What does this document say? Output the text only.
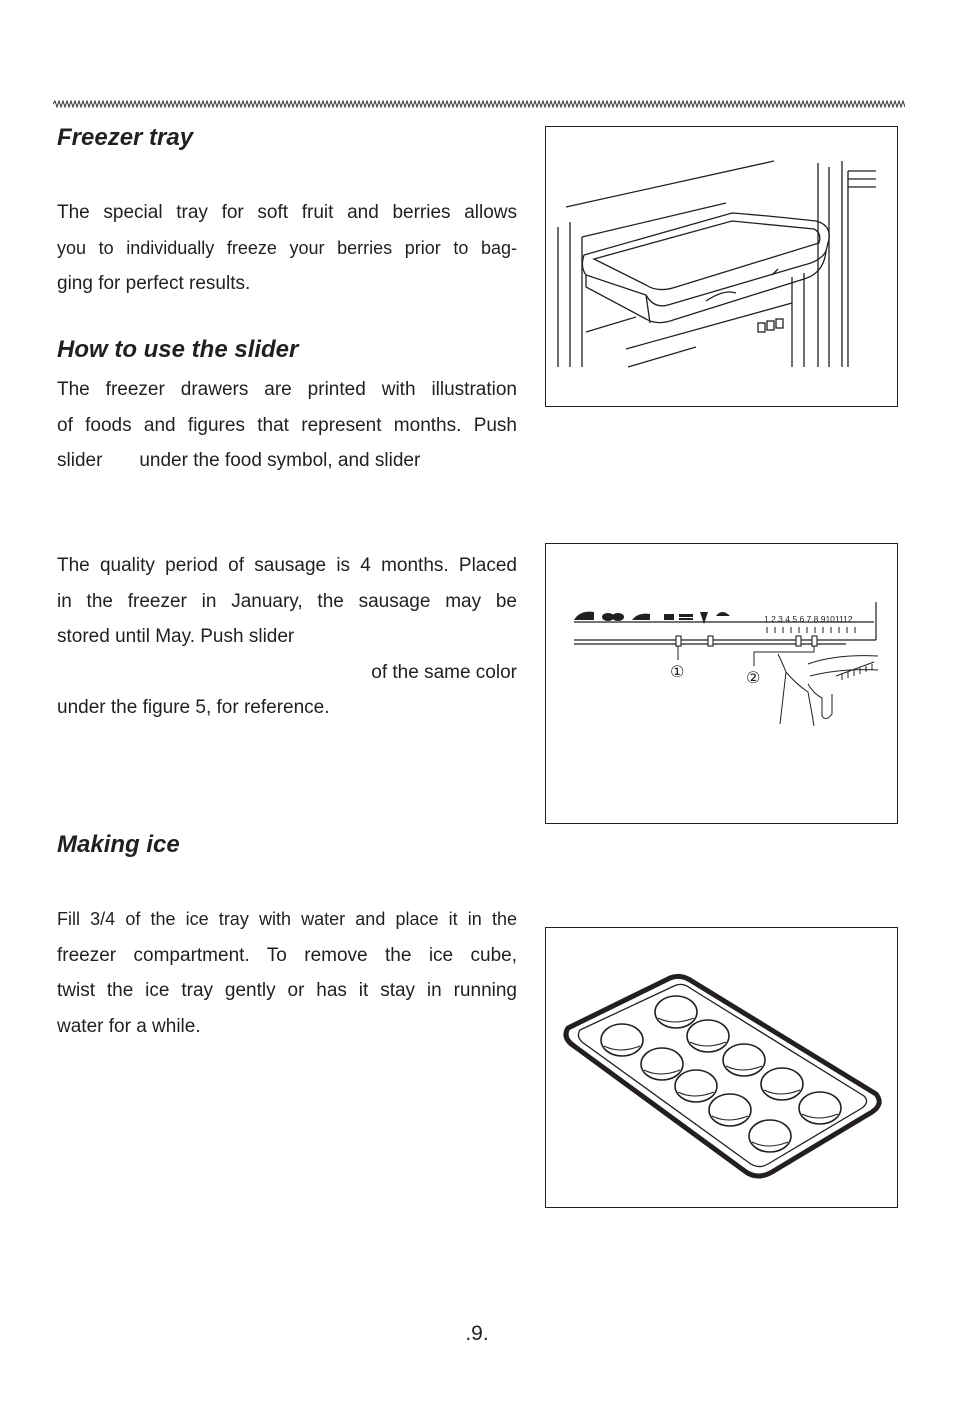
Freezer tray
The special tray for soft fruit and berries allows
you to individually freeze your berries prior to bag-
ging for perfect results.
How to use the slider
The freezer drawers are printed with illustration
of foods and figures that represent months. Push
slider       under the food symbol, and slider
The quality period of sausage is 4 months. Placed
in the freezer in January, the sausage may be
stored until May. Push slider
of the same color
under the figure 5, for reference.
1 2 3 4 5 6 7 8 9101112
①	②
Making ice
Fill 3/4 of the ice tray with water and place it in the
freezer compartment. To remove the ice cube,
twist the ice tray gently or has it stay in running
water for a while.
.9.
